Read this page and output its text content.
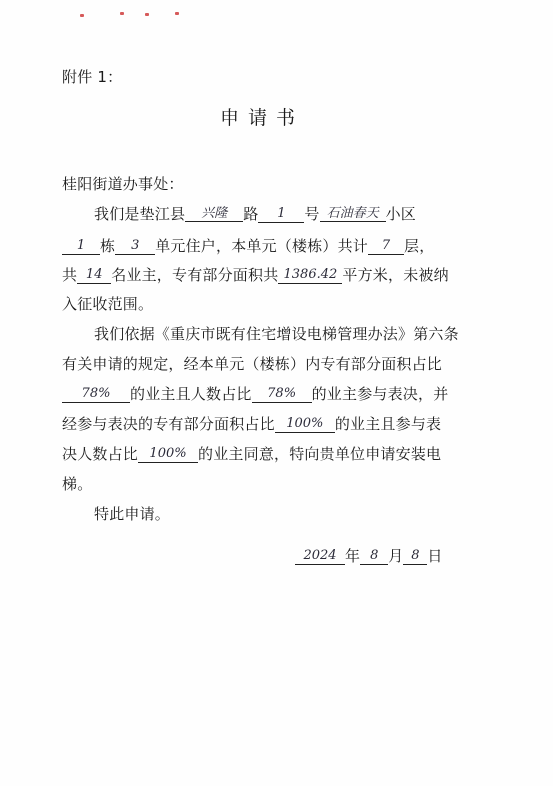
附件 1：
申请书
桂阳街道办事处：
我们是垫江县 兴隆 路 1 号 石油春天 小区
1 栋 3 单元住户，本单元（楼栋）共计 7 层，
共 14 名业主，专有部分面积共 1386.42 平方米，未被纳
入征收范围。
我们依据《重庆市既有住宅增设电梯管理办法》第六条
有关申请的规定，经本单元（楼栋）内专有部分面积占比
78% 的业主且人数占比 78% 的业主参与表决，并
经参与表决的专有部分面积占比 100% 的业主且参与表
决人数占比 100% 的业主同意，特向贵单位申请安装电
梯。
特此申请。
2024 年 8 月 8 日
